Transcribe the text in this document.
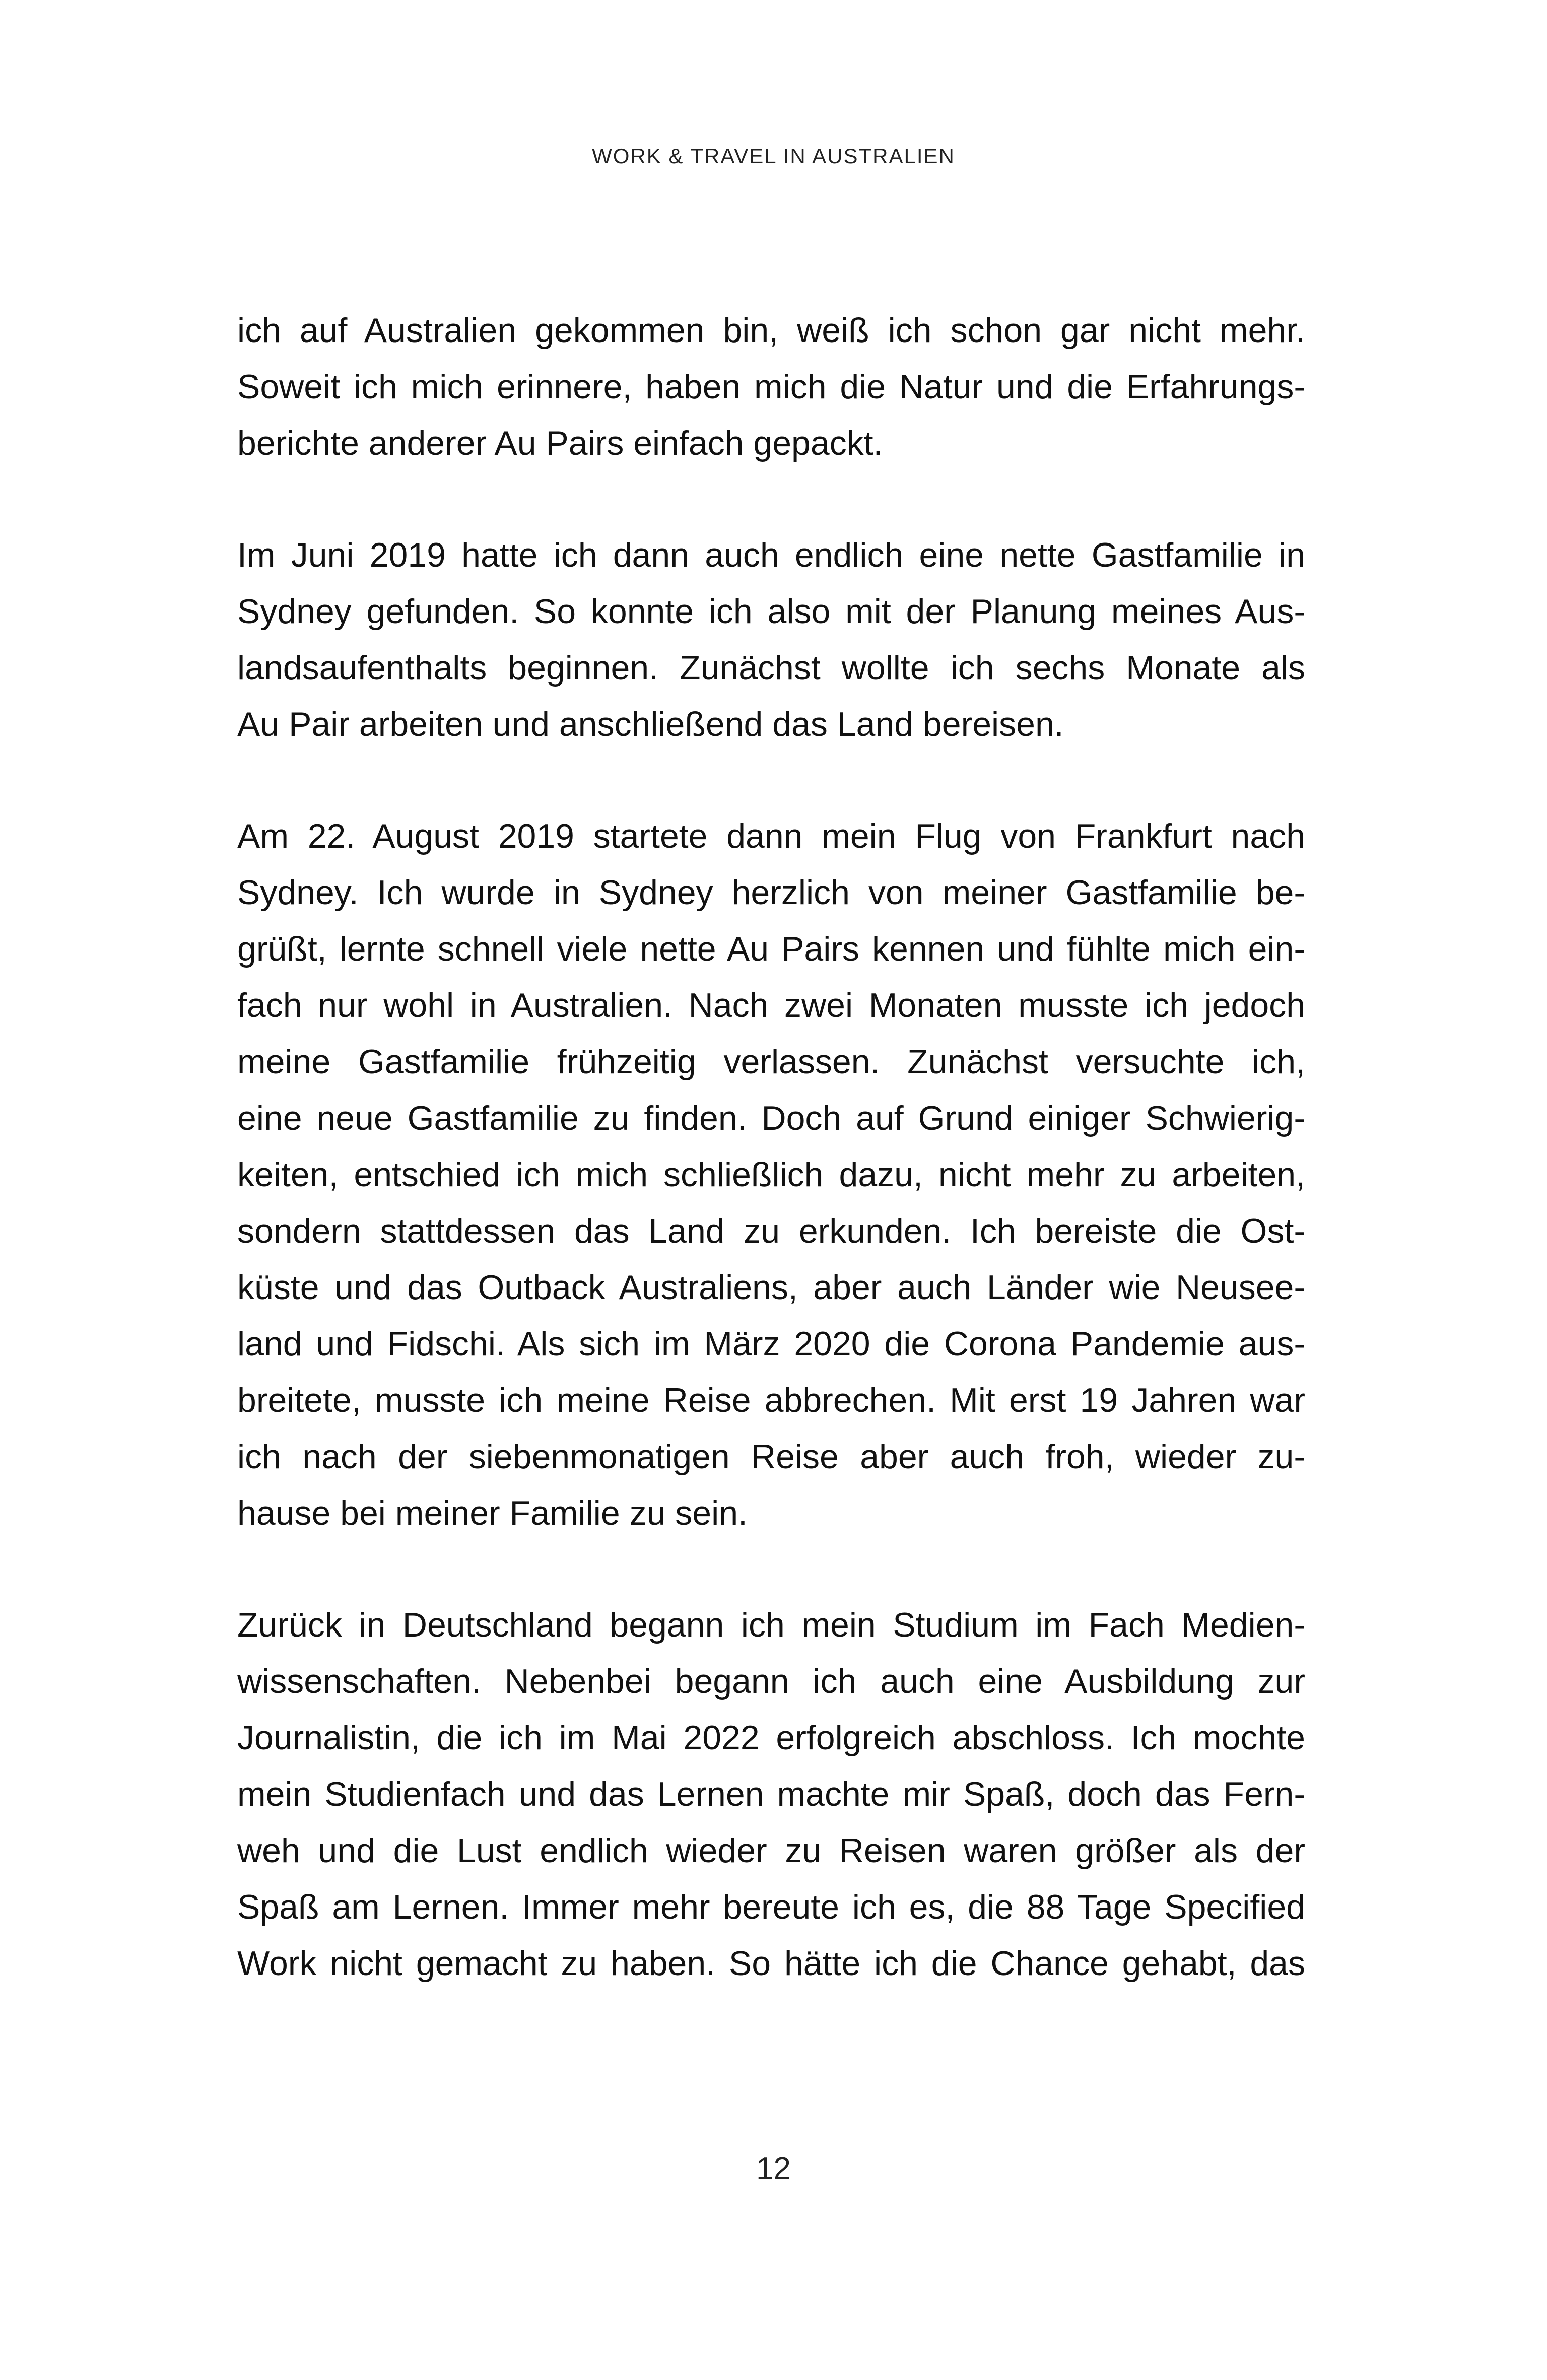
WORK & TRAVEL IN AUSTRALIEN
ich auf Australien gekommen bin, weiß ich schon gar nicht mehr.
Soweit ich mich erinnere, haben mich die Natur und die Erfahrungs-
berichte anderer Au Pairs einfach gepackt.
Im Juni 2019 hatte ich dann auch endlich eine nette Gastfamilie in
Sydney gefunden. So konnte ich also mit der Planung meines Aus-
landsaufenthalts beginnen. Zunächst wollte ich sechs Monate als
Au Pair arbeiten und anschließend das Land bereisen.
Am 22. August 2019 startete dann mein Flug von Frankfurt nach
Sydney. Ich wurde in Sydney herzlich von meiner Gastfamilie be-
grüßt, lernte schnell viele nette Au Pairs kennen und fühlte mich ein-
fach nur wohl in Australien. Nach zwei Monaten musste ich jedoch
meine Gastfamilie frühzeitig verlassen. Zunächst versuchte ich,
eine neue Gastfamilie zu finden. Doch auf Grund einiger Schwierig-
keiten, entschied ich mich schließlich dazu, nicht mehr zu arbeiten,
sondern stattdessen das Land zu erkunden. Ich bereiste die Ost-
küste und das Outback Australiens, aber auch Länder wie Neusee-
land und Fidschi. Als sich im März 2020 die Corona Pandemie aus-
breitete, musste ich meine Reise abbrechen. Mit erst 19 Jahren war
ich nach der siebenmonatigen Reise aber auch froh, wieder zu-
hause bei meiner Familie zu sein.
Zurück in Deutschland begann ich mein Studium im Fach Medien-
wissenschaften. Nebenbei begann ich auch eine Ausbildung zur
Journalistin, die ich im Mai 2022 erfolgreich abschloss. Ich mochte
mein Studienfach und das Lernen machte mir Spaß, doch das Fern-
weh und die Lust endlich wieder zu Reisen waren größer als der
Spaß am Lernen. Immer mehr bereute ich es, die 88 Tage Specified
Work nicht gemacht zu haben. So hätte ich die Chance gehabt, das
12
